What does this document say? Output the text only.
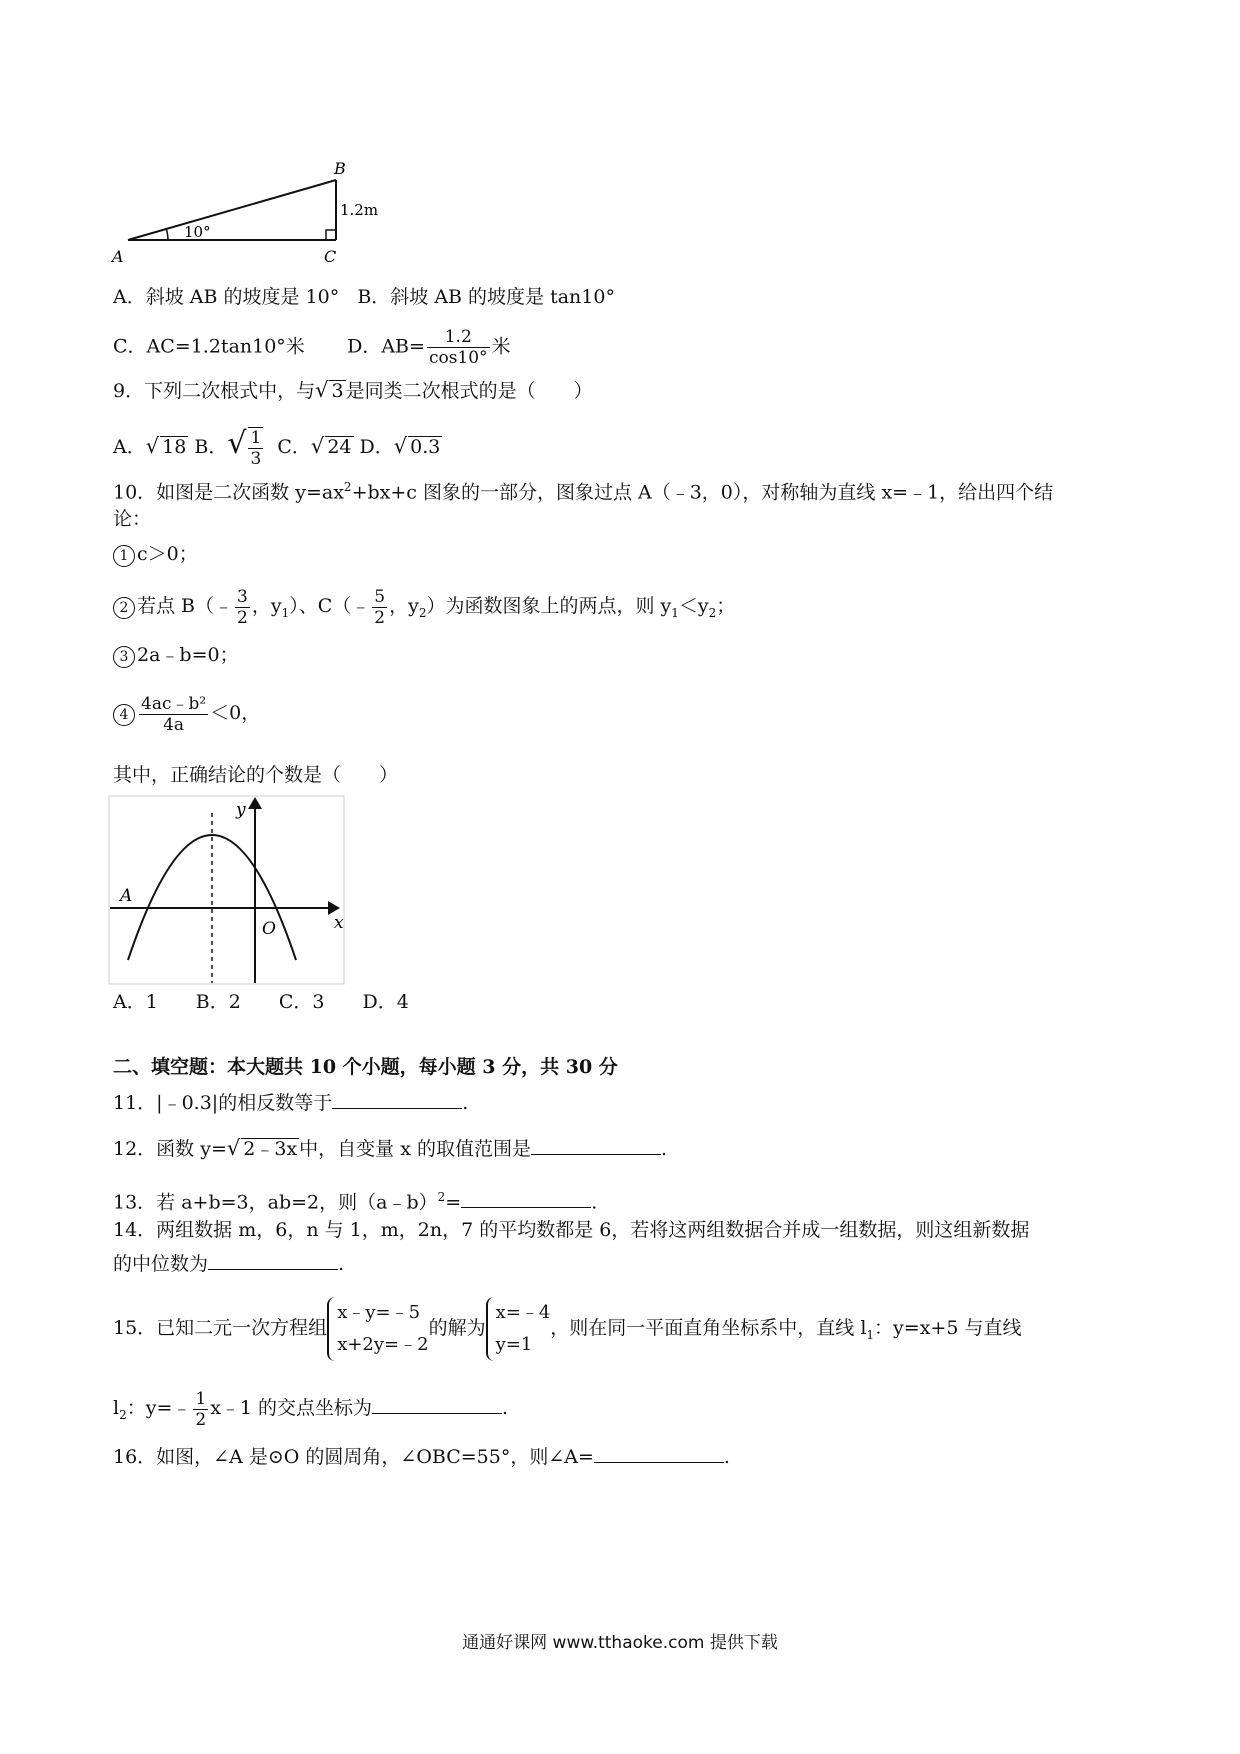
B
A	C
10°
1.2m
A．斜坡 AB 的坡度是 10° B．斜坡 AB 的坡度是 tan10°
C．AC=1.2tan10°米 D．$AB= \frac{1.2}{\cos 10^\circ}$ 米
9．下列二次根式中，与√ 3 是同类二次根式的是（　　）
A．√ 18 B．√ $\frac{1}{3}$ C．√ 24 D．√ 0.3
10．如图是二次函数 $y=ax^2+bx+c$ 图象的一部分，图象过点 A（﹣3，0），对称轴为直线 x=﹣1，给出四个结
论：
1 c＞0；
2 若点 B（﹣ $\frac{3}{2}$ ，$y_1$）、C（﹣ $\frac{5}{2}$ ，$y_2$）为函数图象上的两点，则 $y_1<y_2$；
3 2a﹣b=0；
$4 \frac{\text{4ac﹣b²}}{4a} <0$，
其中，正确结论的个数是（　　）
y
x
A
O
A．1　　B．2　　C．3　　D．4
二、填空题：本大题共 10 个小题，每小题 3 分，共 30 分
11．|﹣0.3|的相反数等于	.
12．函数 y=√ 2﹣3x 中，自变量 x 的取值范围是	.
13．若 a+b=3，ab=2，则（a﹣b）$^2$=	.
14．两组数据 m，6，n 与 1，m，2n，7 的平均数都是 6，若将这两组数据合并成一组数据，则这组新数据
的中位数为	.
15．已知二元一次方程组x﹣y=﹣5
x+2y=﹣2的解为x=﹣4
y=1，则在同一平面直角坐标系中，直线 $l_1$：y=x+5 与直线
$l_2$：y=﹣ $\frac{1}{2}$ x﹣1 的交点坐标为	.
16．如图，∠A 是⊙O 的圆周角，∠OBC=55°，则∠A=	.
通通好课网 www.tthaoke.com 提供下载
